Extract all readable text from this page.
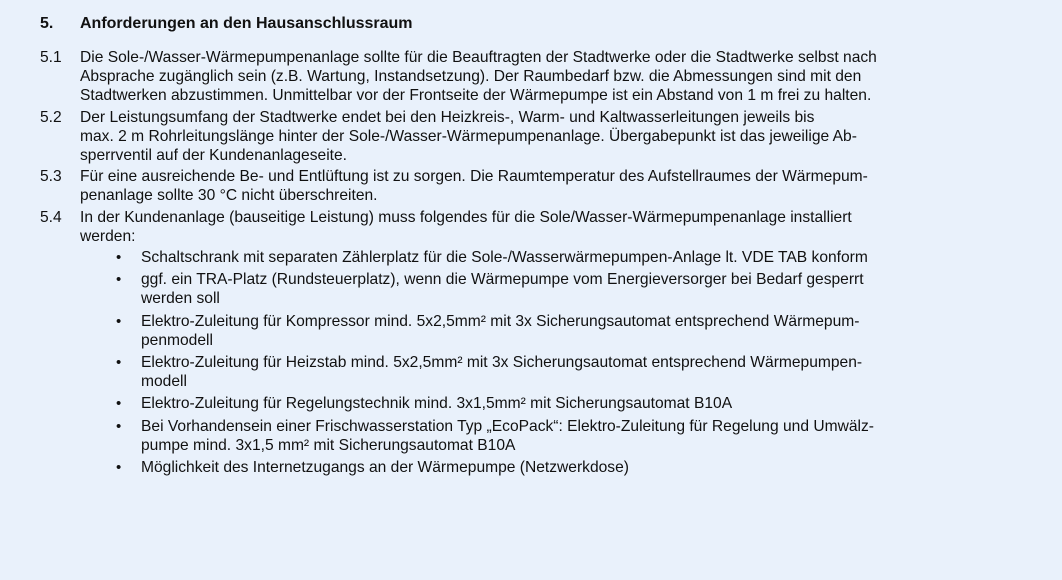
5.	Anforderungen an den Hausanschlussraum
5.1	Die Sole-/Wasser-Wärmepumpenanlage sollte für die Beauftragten der Stadtwerke oder die Stadtwerke selbst nach
Absprache zugänglich sein (z.B. Wartung, Instandsetzung). Der Raumbedarf bzw. die Abmessungen sind mit den
Stadtwerken abzustimmen. Unmittelbar vor der Frontseite der Wärmepumpe ist ein Abstand von 1 m frei zu halten.
5.2	Der Leistungsumfang der Stadtwerke endet bei den Heizkreis-, Warm- und Kaltwasserleitungen jeweils bis
max. 2 m Rohrleitungslänge hinter der Sole-/Wasser-Wärmepumpenanlage. Übergabepunkt ist das jeweilige Ab-
sperrventil auf der Kundenanlageseite.
5.3	Für eine ausreichende Be- und Entlüftung ist zu sorgen. Die Raumtemperatur des Aufstellraumes der Wärmepum-
penanlage sollte 30 °C nicht überschreiten.
5.4	In der Kundenanlage (bauseitige Leistung) muss folgendes für die Sole/Wasser-Wärmepumpenanlage installiert
werden:
•	Schaltschrank mit separaten Zählerplatz für die Sole-/Wasserwärmepumpen-Anlage lt. VDE TAB konform
•	ggf. ein TRA-Platz (Rundsteuerplatz), wenn die Wärmepumpe vom Energieversorger bei Bedarf gesperrt
werden soll
•	Elektro-Zuleitung für Kompressor mind. 5x2,5mm² mit 3x Sicherungsautomat entsprechend Wärmepum-
penmodell
•	Elektro-Zuleitung für Heizstab mind. 5x2,5mm² mit 3x Sicherungsautomat entsprechend Wärmepumpen-
modell
•	Elektro-Zuleitung für Regelungstechnik mind. 3x1,5mm² mit Sicherungsautomat B10A
•	Bei Vorhandensein einer Frischwasserstation Typ „EcoPack“: Elektro-Zuleitung für Regelung und Umwälz-
pumpe mind. 3x1,5 mm² mit Sicherungsautomat B10A
•	Möglichkeit des Internetzugangs an der Wärmepumpe (Netzwerkdose)
